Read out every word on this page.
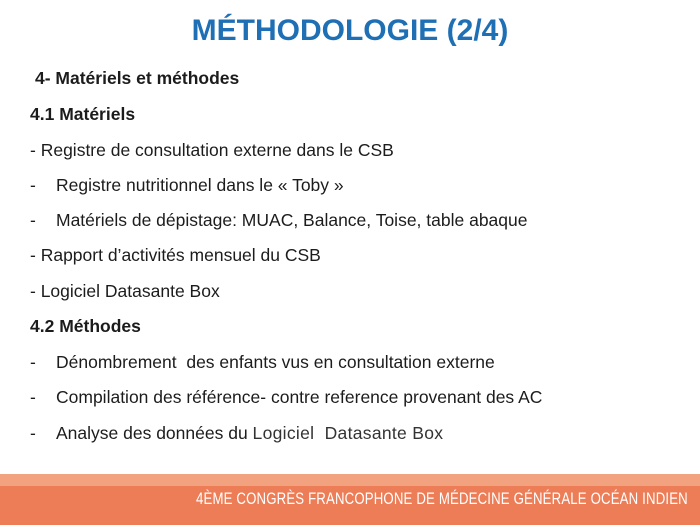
MÉTHODOLOGIE (2/4)
4- Matériels et méthodes
4.1 Matériels
- Registre de consultation externe dans le CSB
- Registre nutritionnel dans le « Toby »
- Matériels de dépistage: MUAC, Balance, Toise, table abaque
- Rapport d’activités mensuel du CSB
- Logiciel Datasante Box
4.2 Méthodes
- Dénombrement  des enfants vus en consultation externe
- Compilation des référence- contre reference provenant des AC
- Analyse des données du Logiciel  Datasante Box
4ÈME CONGRÈS FRANCOPHONE DE MÉDECINE GÉNÉRALE OCÉAN INDIEN
